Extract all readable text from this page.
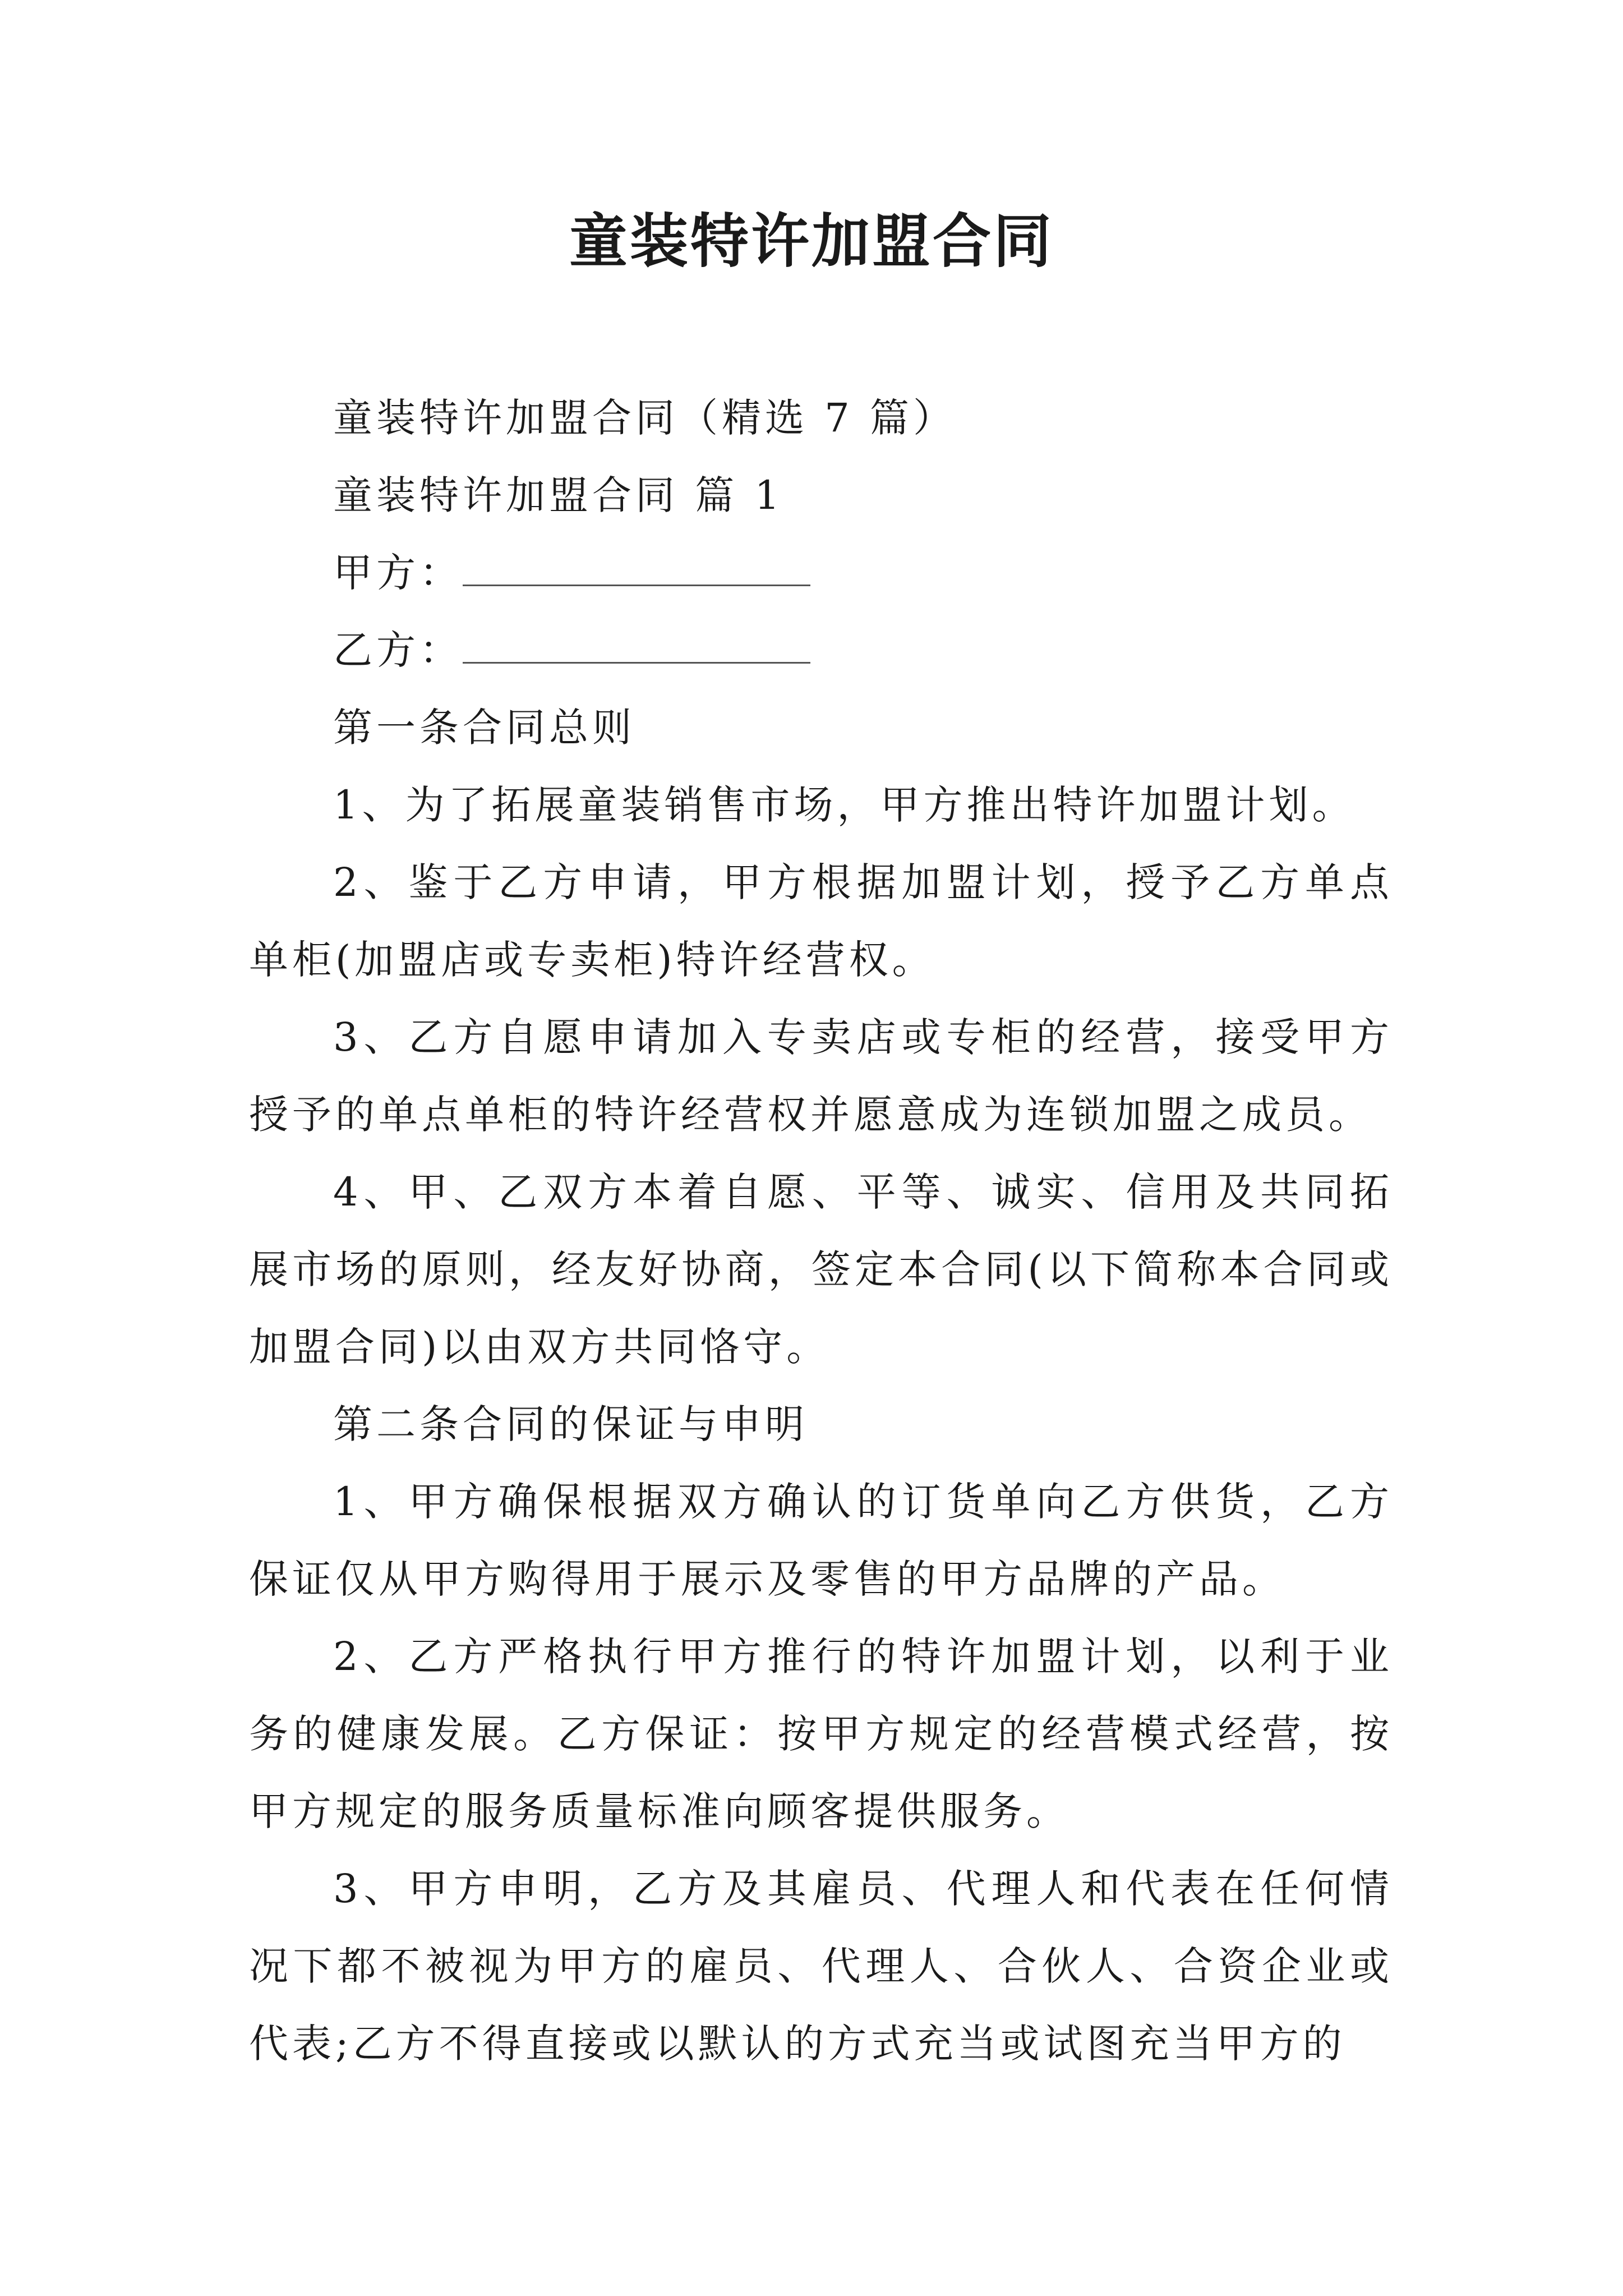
童装特许加盟合同

童装特许加盟合同（精选 7 篇）

童装特许加盟合同 篇 1

甲方：

乙方：

第一条合同总则

1、为了拓展童装销售市场，甲方推出特许加盟计划。

2、鉴于乙方申请，甲方根据加盟计划，授予乙方单点单柜(加盟店或专卖柜)特许经营权。

3、乙方自愿申请加入专卖店或专柜的经营，接受甲方授予的单点单柜的特许经营权并愿意成为连锁加盟之成员。

4、甲、乙双方本着自愿、平等、诚实、信用及共同拓展市场的原则，经友好协商，签定本合同(以下简称本合同或加盟合同)以由双方共同恪守。

第二条合同的保证与申明

1、甲方确保根据双方确认的订货单向乙方供货，乙方保证仅从甲方购得用于展示及零售的甲方品牌的产品。

2、乙方严格执行甲方推行的特许加盟计划，以利于业务的健康发展。乙方保证：按甲方规定的经营模式经营，按甲方规定的服务质量标准向顾客提供服务。

3、甲方申明，乙方及其雇员、代理人和代表在任何情况下都不被视为甲方的雇员、代理人、合伙人、合资企业或代表;乙方不得直接或以默认的方式充当或试图充当甲方的
